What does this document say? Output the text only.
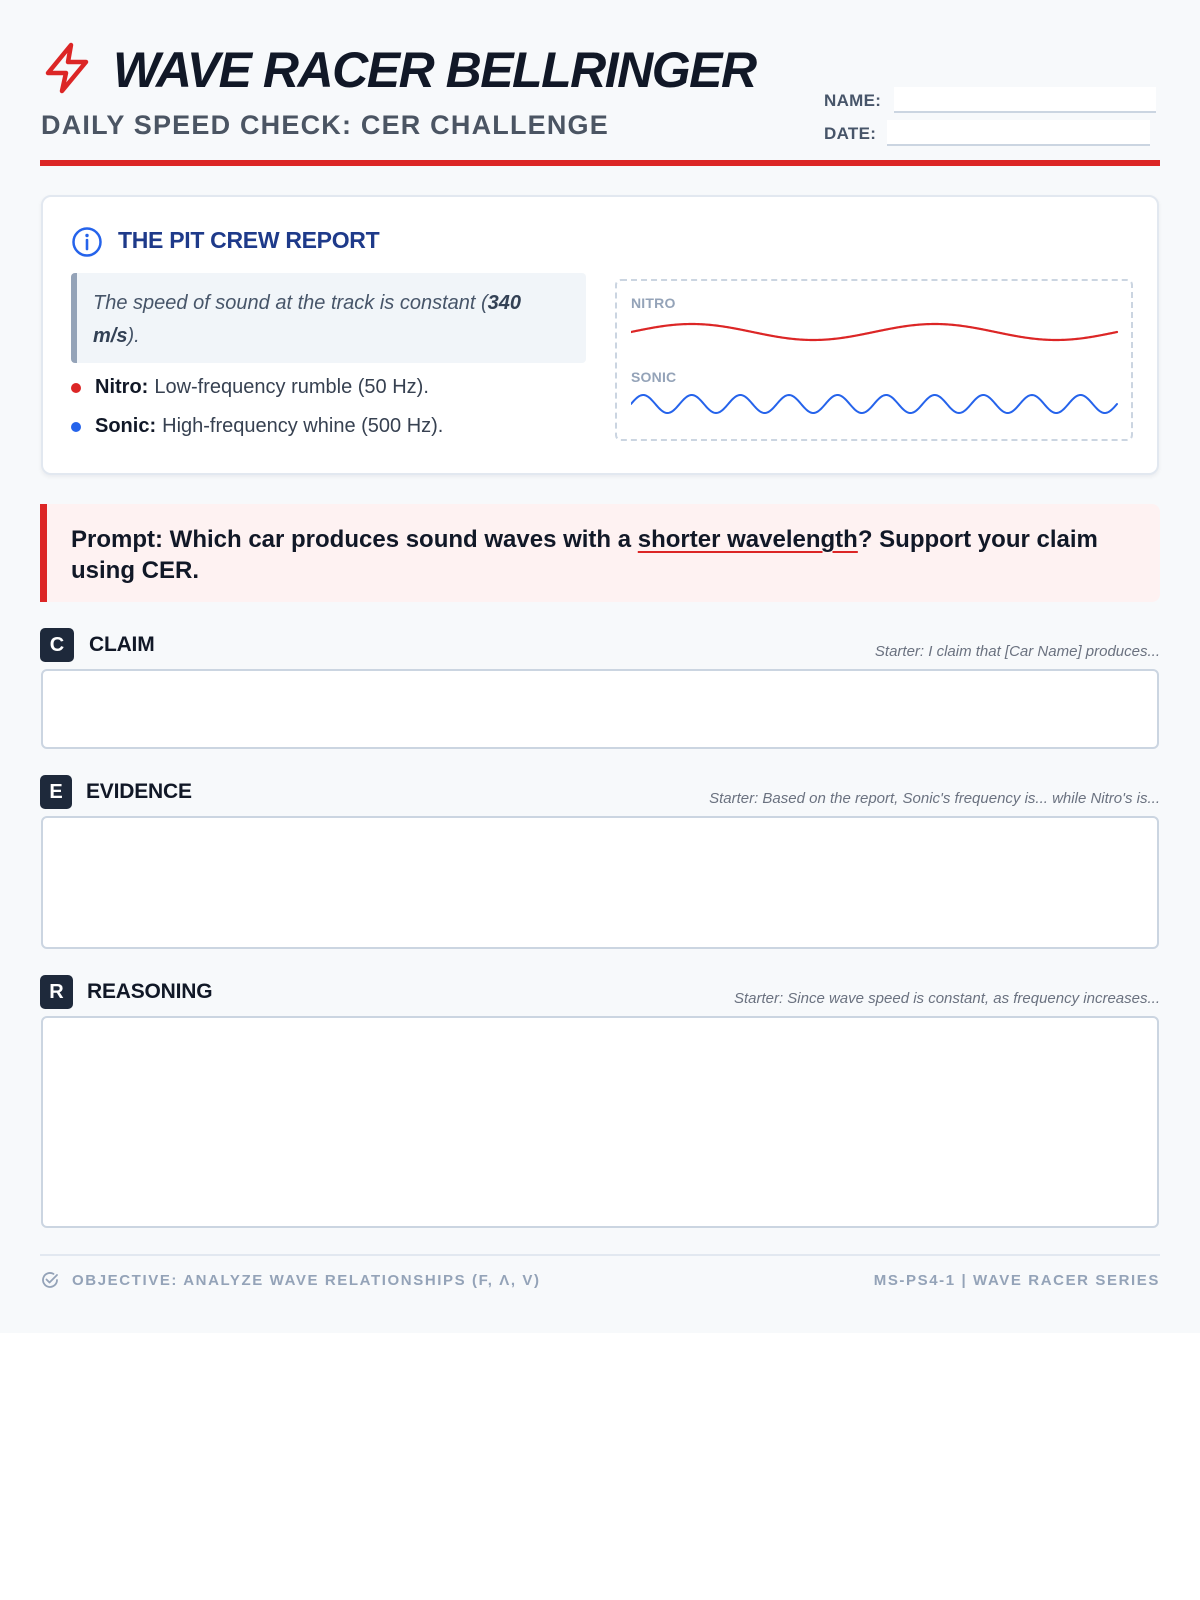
WAVE RACER BELLRINGER
DAILY SPEED CHECK: CER CHALLENGE
NAME:
DATE:
THE PIT CREW REPORT
The speed of sound at the track is constant (340 m/s).
Nitro: Low-frequency rumble (50 Hz).
Sonic: High-frequency whine (500 Hz).
NITRO
SONIC
Prompt: Which car produces sound waves with a shorter wavelength? Support your claim using CER.
C	CLAIM	Starter: I claim that [Car Name] produces...
E	EVIDENCE	Starter: Based on the report, Sonic's frequency is... while Nitro's is...
R	REASONING	Starter: Since wave speed is constant, as frequency increases...
OBJECTIVE: ANALYZE WAVE RELATIONSHIPS (F, Λ, V)	MS-PS4-1 | WAVE RACER SERIES
